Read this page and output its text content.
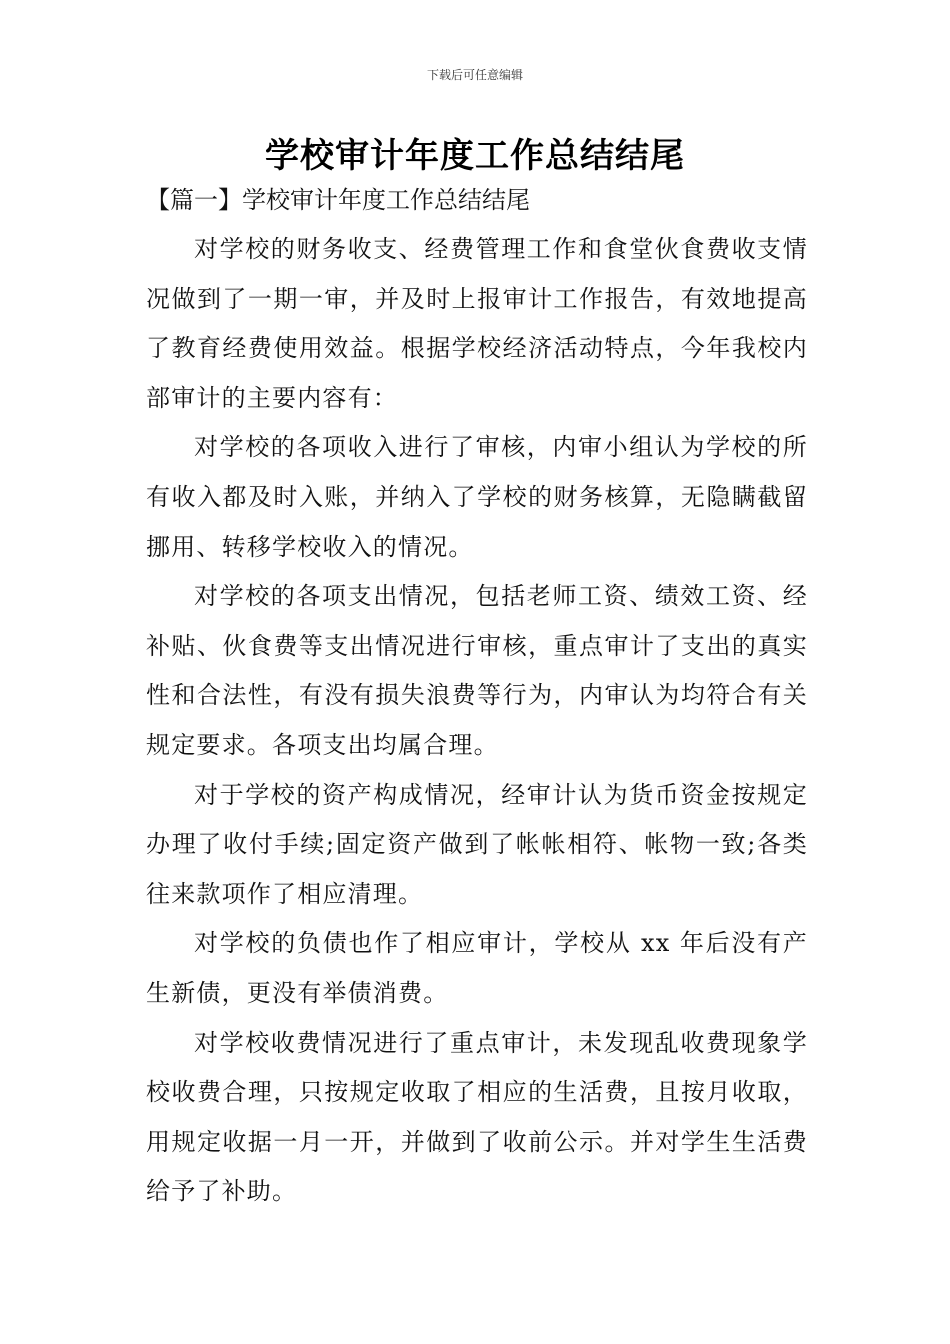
下载后可任意编辑
学校审计年度工作总结结尾
【篇一】学校审计年度工作总结结尾

对学校的财务收支、经费管理工作和食堂伙食费收支情况做到了一期一审，并及时上报审计工作报告，有效地提高了教育经费使用效益。根据学校经济活动特点，今年我校内部审计的主要内容有：

对学校的各项收入进行了审核，内审小组认为学校的所有收入都及时入账，并纳入了学校的财务核算，无隐瞒截留挪用、转移学校收入的情况。

对学校的各项支出情况，包括老师工资、绩效工资、经补贴、伙食费等支出情况进行审核，重点审计了支出的真实性和合法性，有没有损失浪费等行为，内审认为均符合有关规定要求。各项支出均属合理。

对于学校的资产构成情况，经审计认为货币资金按规定办理了收付手续;固定资产做到了帐帐相符、帐物一致;各类往来款项作了相应清理。

对学校的负债也作了相应审计，学校从 xx 年后没有产生新债，更没有举债消费。

对学校收费情况进行了重点审计，未发现乱收费现象学校收费合理，只按规定收取了相应的生活费，且按月收取，用规定收据一月一开，并做到了收前公示。并对学生生活费给予了补助。
